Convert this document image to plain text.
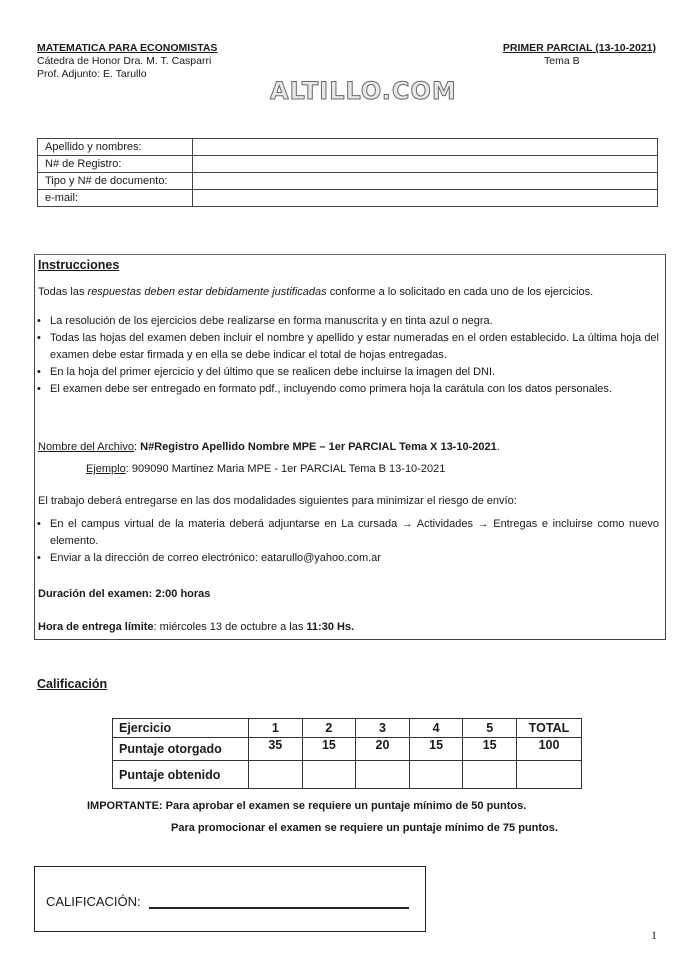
MATEMATICA PARA ECONOMISTAS
Cátedra de Honor Dra. M. T. Casparri
Prof. Adjunto: E. Tarullo
PRIMER PARCIAL (13-10-2021)
Tema B
ALTILLO.COM
Apellido y nombres:	
N# de Registro:	
Tipo y N# de documento:	
e-mail:	
Instrucciones
Todas las respuestas deben estar debidamente justificadas conforme a lo solicitado en cada uno de los ejercicios.
• La resolución de los ejercicios debe realizarse en forma manuscrita y en tinta azul o negra.
• Todas las hojas del examen deben incluir el nombre y apellido y estar numeradas en el orden establecido. La última hoja del examen debe estar firmada y en ella se debe indicar el total de hojas entregadas.
• En la hoja del primer ejercicio y del último que se realicen debe incluirse la imagen del DNI.
• El examen debe ser entregado en formato pdf., incluyendo como primera hoja la carátula con los datos personales.
Nombre del Archivo: N#Registro Apellido Nombre MPE – 1er PARCIAL Tema X 13-10-2021.
Ejemplo: 909090 Martinez Maria MPE - 1er PARCIAL Tema B 13-10-2021
El trabajo deberá entregarse en las dos modalidades siguientes para minimizar el riesgo de envío:
• En el campus virtual de la materia deberá adjuntarse en La cursada → Actividades → Entregas e incluirse como nuevo elemento.
• Enviar a la dirección de correo electrónico: eatarullo@yahoo.com.ar
Duración del examen: 2:00 horas
Hora de entrega límite: miércoles 13 de octubre a las 11:30 Hs.
Calificación
Ejercicio	1	2	3	4	5	TOTAL
Puntaje otorgado	35	15	20	15	15	100
Puntaje obtenido						
IMPORTANTE: Para aprobar el examen se requiere un puntaje mínimo de 50 puntos.
Para promocionar el examen se requiere un puntaje mínimo de 75 puntos.
CALIFICACIÓN:
1
